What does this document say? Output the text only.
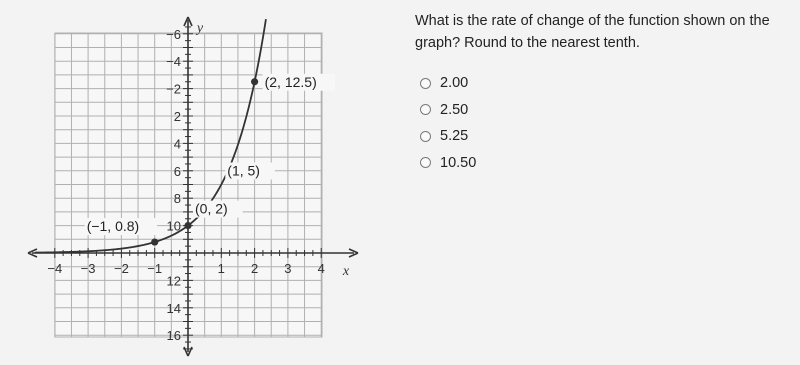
−4 −3 −2 −1	1 2 3 4
16
14
12
10
8
6
4
2
−2
−4
−6
x
y
(−1, 0.8)
(0, 2)
(1, 5)
(2, 12.5)
What is the rate of change of the function shown on the graph? Round to the nearest tenth.
2.00
2.50
5.25
10.50
